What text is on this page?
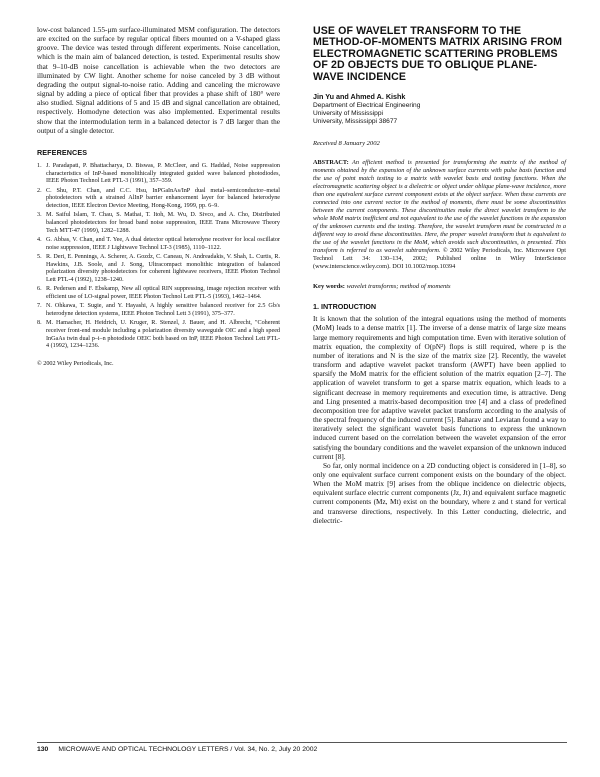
low-cost balanced 1.55-μm surface-illuminated MSM configuration. The detectors are excited on the surface by regular optical fibers mounted on a V-shaped glass groove. The device was tested through different experiments. Noise cancellation, which is the main aim of balanced detection, is tested. Experimental results show that 9–10-dB noise cancellation is achievable when the two detectors are illuminated by CW light. Another scheme for noise canceled by 3 dB without degrading the output signal-to-noise ratio. Adding and canceling the microwave signal by adding a piece of optical fiber that provides a phase shift of 180° were also studied. Signal additions of 5 and 15 dB and signal cancellation are obtained, respectively. Homodyne detection was also implemented. Experimental results show that the intermodulation term in a balanced detector is 7 dB larger than the output of a single detector.

REFERENCES
1. J. Paradapati, P. Bhattacharya, D. Biswas, P. McCleer, and G. Haddad, Noise suppression characteristics of InP-based monolithically integrated guided wave balanced photodiodes, IEEE Photon Technol Lett PTL-3 (1991), 357–359.
2. C. Shu, P.T. Chan, and C.C. Hsu, InPGaInAs/InP dual metal–semiconductor–metal photodetectors with a strained AlInP barrier enhancement layer for balanced heterodyne detection, IEEE Electron Device Meeting, Hong-Kong, 1999, pp. 6–9.
3. M. Saiful Islam, T. Chau, S. Mathai, T. Itoh, M. Wu, D. Sivco, and A. Cho, Distributed balanced photodetectors for broad band noise suppression, IEEE Trans Microwave Theory Tech MTT-47 (1999), 1282–1288.
4. G. Abbas, V. Chan, and T. Yee, A dual detector optical heterodyne receiver for local oscillator noise suppression, IEEE J Lightwave Technol LT-3 (1985), 1110–1122.
5. R. Deri, E. Pennings, A. Scherer, A. Gozdz, C. Caneau, N. Andreadakis, V. Shah, L. Curtis, R. Hawkins, J.B. Soole, and J. Song, Ultracompact monolithic integration of balanced polarization diversity photodetectors for coherent lightwave receivers, IEEE Photon Technol Lett PTL-4 (1992), 1238–1240.
6. R. Pedersen and F. Ebskamp, New all optical RIN suppressing, image rejection receiver with efficient use of LO-signal power, IEEE Photon Technol Lett PTL-5 (1993), 1462–1464.
7. N. Ohkawa, T. Sugie, and Y. Hayashi, A highly sensitive balanced receiver for 2.5 Gb/s heterodyne detection systems, IEEE Photon Technol Lett 3 (1991), 375–377.
8. M. Hamacher, H. Heidrich, U. Kruger, R. Stenzel, J. Bauer, and H. Albrecht, "Coherent receiver front-end module including a polarization diversity waveguide OIC and a high speed InGaAs twin dual p–i–n photodiode OEIC both based on InP, IEEE Photon Technol Lett PTL-4 (1992), 1234–1236.
© 2002 Wiley Periodicals, Inc.
USE OF WAVELET TRANSFORM TO THE METHOD-OF-MOMENTS MATRIX ARISING FROM ELECTROMAGNETIC SCATTERING PROBLEMS OF 2D OBJECTS DUE TO OBLIQUE PLANE-WAVE INCIDENCE
Jin Yu and Ahmed A. Kishk
Department of Electrical Engineering
University of Mississippi
University, Mississippi 38677
Received 8 January 2002

ABSTRACT: An efficient method is presented for transforming the matrix of the method of moments obtained by the expansion of the unknown surface currents with pulse basis function and the use of point match testing to a matrix with wavelet basis and testing functions. When the electromagnetic scattering object is a dielectric or object under oblique plane-wave incidence, more than one equivalent surface current component exists at the object surface. When these currents are connected into one current vector in the method of moments, there must be some discontinuities between the current components. These discontinuities make the direct wavelet transform to the whole MoM matrix inefficient and not equivalent to the use of the wavelet functions in the expansion of the unknown currents and the testing. Therefore, the wavelet transform must be constructed in a different way to avoid these discontinuities. Here, the proper wavelet transform that is equivalent to the use of the wavelet functions in the MoM, which avoids such discontinuities, is presented. This transform is referred to as wavelet subtransform. © 2002 Wiley Periodicals, Inc. Microwave Opt Technol Lett 34: 130–134, 2002; Published online in Wiley InterScience (www.interscience.wiley.com). DOI 10.1002/mop.10394

Key words: wavelet transforms; method of moments
1. INTRODUCTION

It is known that the solution of the integral equations using the method of moments (MoM) leads to a dense matrix [1]. The inverse of a dense matrix of large size means large memory requirements and high computation time. Even with iterative solution of matrix equation, the complexity of O(pN²) flops is still required, where p is the number of iterations and N is the size of the matrix size [2]. Recently, the wavelet transform and adaptive wavelet packet transform (AWPT) have been applied to sparsify the MoM matrix for the efficient solution of the matrix equation [2–7]. The application of wavelet transform to get a sparse matrix equation, which leads to a significant decrease in memory requirements and execution time, is attractive. Deng and Ling presented a matrix-based decomposition tree [4] and a class of predefined decomposition tree for adaptive wavelet packet transform according to the analysis of the spectral frequency of the induced current [5]. Baharav and Leviatan found a way to iteratively select the significant wavelet basis functions to express the unknown induced current based on the correlation between the wavelet expansion of the error satisfying the boundary conditions and the wavelet expansion of the unknown induced current [8].

So far, only normal incidence on a 2D conducting object is considered in [1–8], so only one equivalent surface current component exists on the boundary of the object. When the MoM matrix [9] arises from the oblique incidence on dielectric objects, equivalent surface electric current components (Jz, Jt) and equivalent surface magnetic current components (Mz, Mt) exist on the boundary, where z and t stand for vertical and transverse directions, respectively. In this Letter conducting, dielectric, and dielectric-

130 MICROWAVE AND OPTICAL TECHNOLOGY LETTERS / Vol. 34, No. 2, July 20 2002
